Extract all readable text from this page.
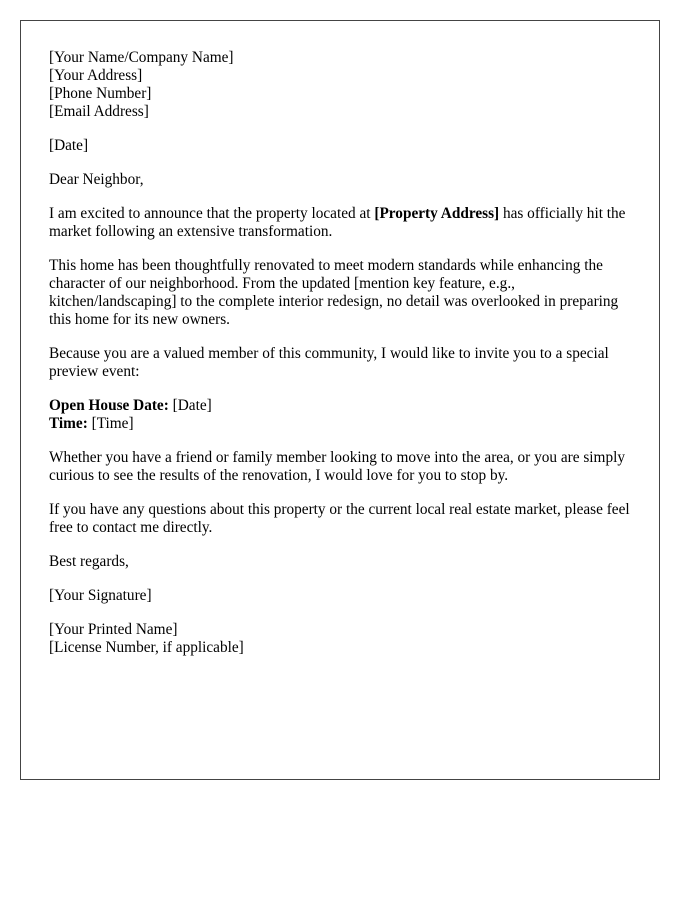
[Your Name/Company Name]
[Your Address]
[Phone Number]
[Email Address]

[Date]

Dear Neighbor,

I am excited to announce that the property located at [Property Address] has officially hit the market following an extensive transformation.

This home has been thoughtfully renovated to meet modern standards while enhancing the character of our neighborhood. From the updated [mention key feature, e.g., kitchen/landscaping] to the complete interior redesign, no detail was overlooked in preparing this home for its new owners.

Because you are a valued member of this community, I would like to invite you to a special preview event:

Open House Date: [Date]
Time: [Time]

Whether you have a friend or family member looking to move into the area, or you are simply curious to see the results of the renovation, I would love for you to stop by.

If you have any questions about this property or the current local real estate market, please feel free to contact me directly.

Best regards,

[Your Signature]

[Your Printed Name]
[License Number, if applicable]
